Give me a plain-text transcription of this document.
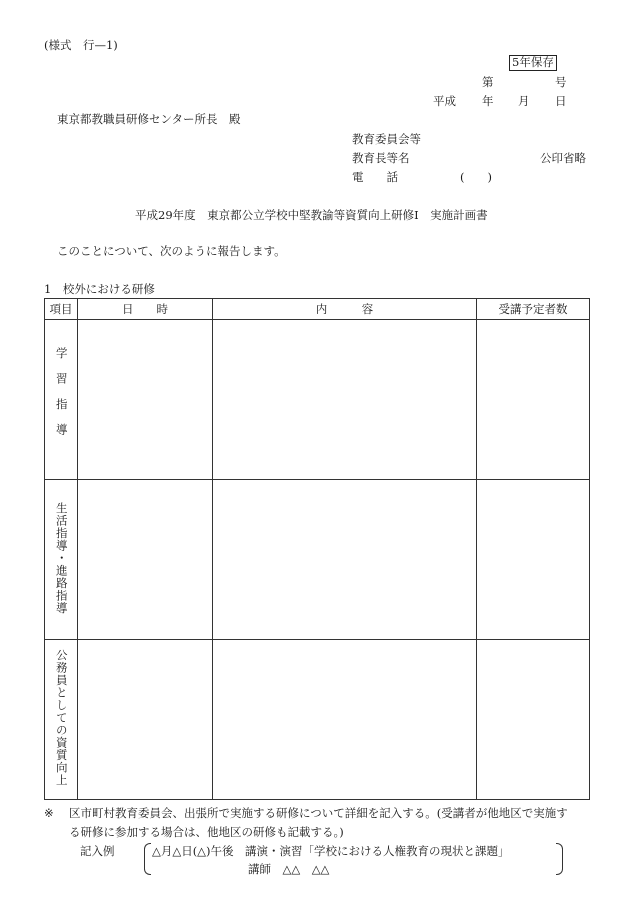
(様式　行—1)
5年保存
第	号
平成 年 月 日
東京都教職員研修センター所長　殿
教育委員会等
教育長等名	公印省略
電　　話	(　　)
平成29年度　東京都公立学校中堅教諭等資質向上研修Ⅰ　実施計画書
このことについて、次のように報告します。
1　校外における研修
項目	日　　時	内　　　容	受講予定者数
学習指導			
生活指導・進路指導			
公務員としての資質向上			
※ 区市町村教育委員会、出張所で実施する研修について詳細を記入する。(受講者が他地区で実施す
る研修に参加する場合は、他地区の研修も記載する。)
記入例	△月△日(△)午後　講演・演習「学校における人権教育の現状と課題」
講師　△△　△△
